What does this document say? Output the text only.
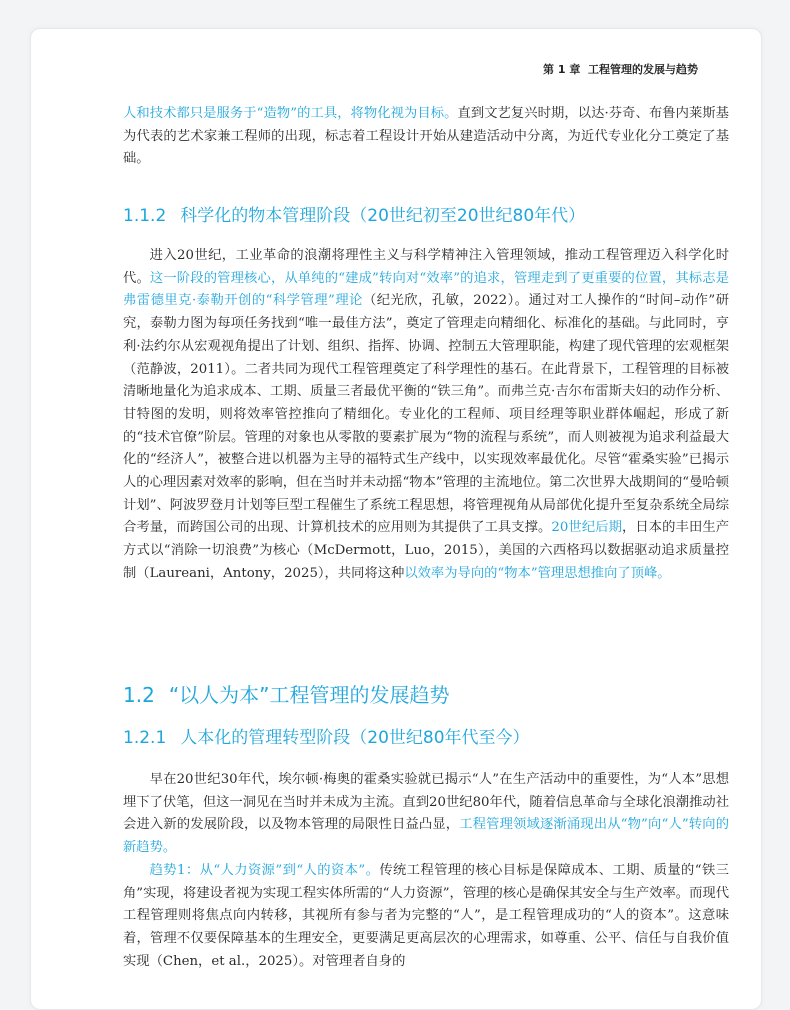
第 1 章 工程管理的发展与趋势

人和技术都只是服务于“造物”的工具，将物化视为目标。直到文艺复兴时期，以达·芬奇、布鲁内莱斯基为代表的艺术家兼工程师的出现，标志着工程设计开始从建造活动中分离，为近代专业化分工奠定了基础。

1.1.2 科学化的物本管理阶段（20世纪初至20世纪80年代）

进入20世纪，工业革命的浪潮将理性主义与科学精神注入管理领域，推动工程管理迈入科学化时代。这一阶段的管理核心，从单纯的“建成”转向对“效率”的追求，管理走到了更重要的位置，其标志是弗雷德里克·泰勒开创的“科学管理”理论（纪光欣，孔敏，2022）。通过对工人操作的“时间–动作”研究，泰勒力图为每项任务找到“唯一最佳方法”，奠定了管理走向精细化、标准化的基础。与此同时，亨利·法约尔从宏观视角提出了计划、组织、指挥、协调、控制五大管理职能，构建了现代管理的宏观框架（范静波，2011）。二者共同为现代工程管理奠定了科学理性的基石。在此背景下，工程管理的目标被清晰地量化为追求成本、工期、质量三者最优平衡的“铁三角”。而弗兰克·吉尔布雷斯夫妇的动作分析、甘特图的发明，则将效率管控推向了精细化。专业化的工程师、项目经理等职业群体崛起，形成了新的“技术官僚”阶层。管理的对象也从零散的要素扩展为“物的流程与系统”，而人则被视为追求利益最大化的“经济人”，被整合进以机器为主导的福特式生产线中，以实现效率最优化。尽管“霍桑实验”已揭示人的心理因素对效率的影响，但在当时并未动摇“物本”管理的主流地位。第二次世界大战期间的“曼哈顿计划”、阿波罗登月计划等巨型工程催生了系统工程思想，将管理视角从局部优化提升至复杂系统全局综合考量，而跨国公司的出现、计算机技术的应用则为其提供了工具支撑。20世纪后期，日本的丰田生产方式以“消除一切浪费”为核心（McDermott，Luo，2015），美国的六西格玛以数据驱动追求质量控制（Laureani，Antony，2025），共同将这种以效率为导向的“物本”管理思想推向了顶峰。

1.2 “以人为本”工程管理的发展趋势
1.2.1 人本化的管理转型阶段（20世纪80年代至今）

早在20世纪30年代，埃尔顿·梅奥的霍桑实验就已揭示“人”在生产活动中的重要性，为“人本”思想埋下了伏笔，但这一洞见在当时并未成为主流。直到20世纪80年代，随着信息革命与全球化浪潮推动社会进入新的发展阶段，以及物本管理的局限性日益凸显，工程管理领域逐渐涌现出从“物”向“人”转向的新趋势。

趋势1：从“人力资源”到“人的资本”。传统工程管理的核心目标是保障成本、工期、质量的“铁三角”实现，将建设者视为实现工程实体所需的“人力资源”，管理的核心是确保其安全与生产效率。而现代工程管理则将焦点向内转移，其视所有参与者为完整的“人”，是工程管理成功的“人的资本”。这意味着，管理不仅要保障基本的生理安全，更要满足更高层次的心理需求，如尊重、公平、信任与自我价值实现（Chen，et al.，2025）。对管理者自身的
